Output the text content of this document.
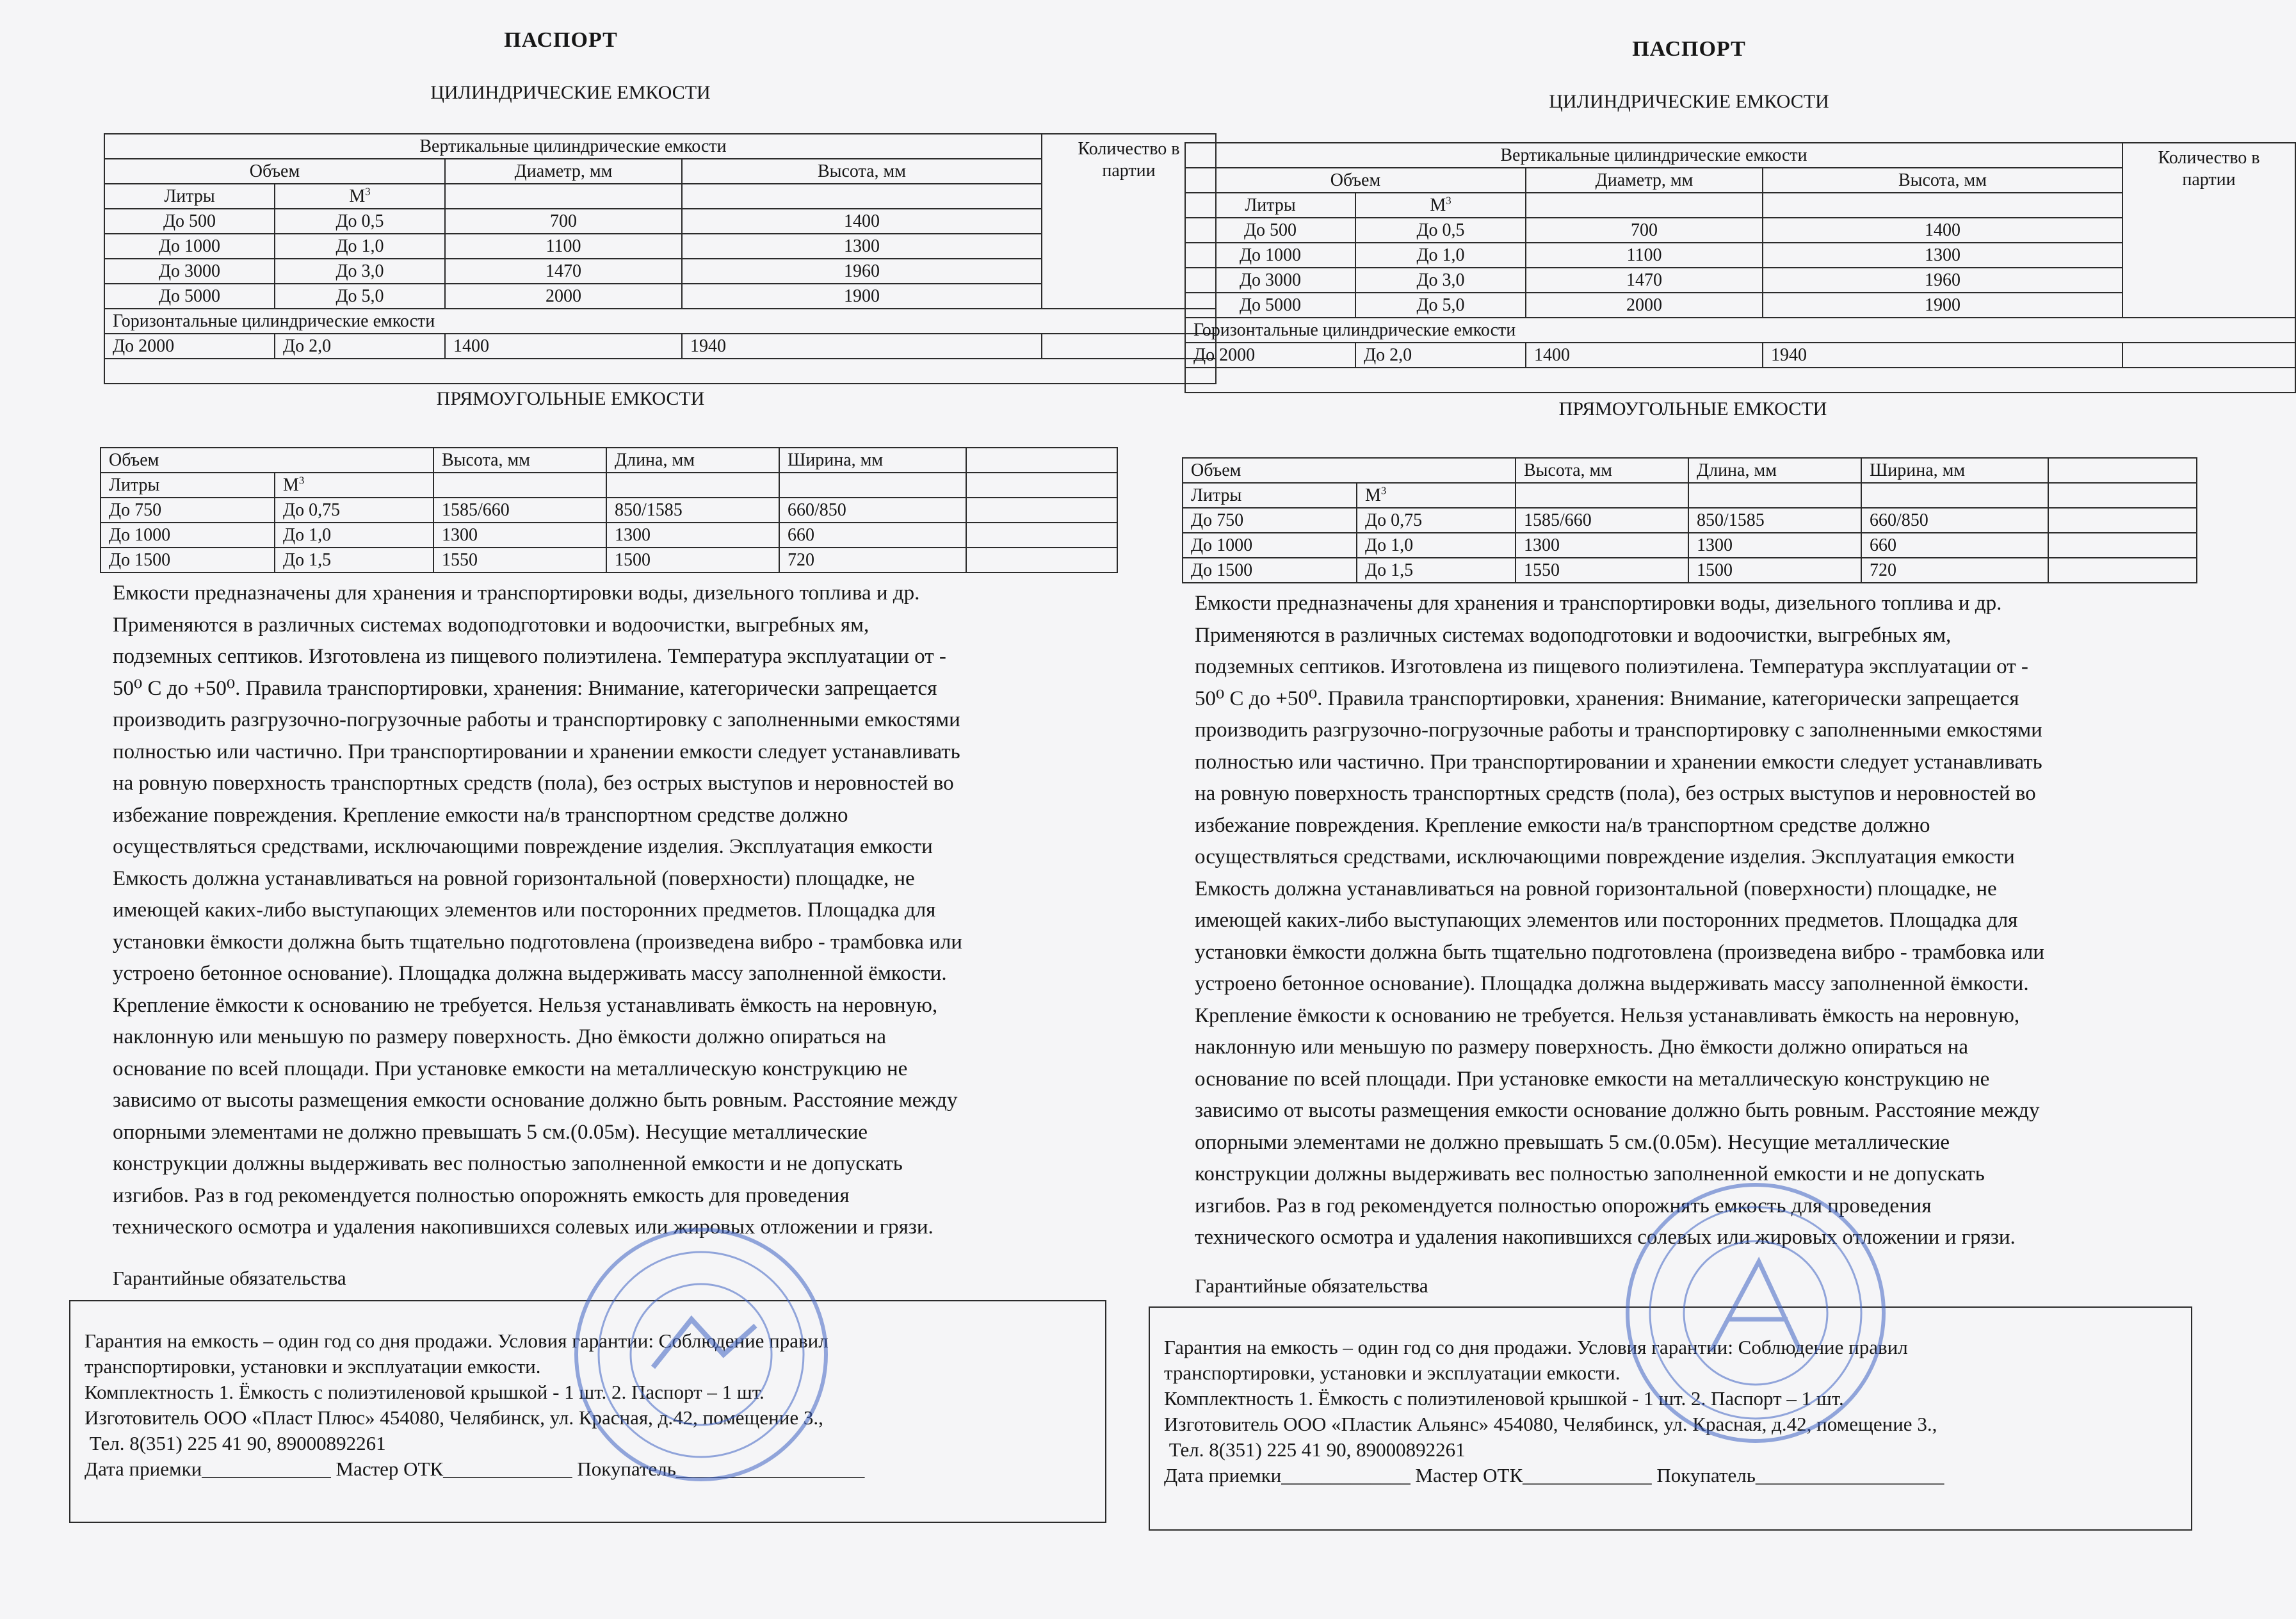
ПАСПОРТ
ЦИЛИНДРИЧЕСКИЕ ЕМКОСТИ
Вертикальные цилиндрические емкости				Количество в партии
Объем		Диаметр, мм	Высота, мм	
Литры	$М^3$		
До 500	До 0,5	700	1400	
До 1000	До 1,0	1100	1300	
До 3000	До 3,0	1470	1960	
До 5000	До 5,0	2000	1900	
Горизонтальные цилиндрические емкости				
До 2000	До 2,0	1400	1940	

ПРЯМОУГОЛЬНЫЕ ЕМКОСТИ
Объем		Высота, мм	Длина, мм	Ширина, мм	
Литры	$М^3$				
До 750	До 0,75	1585/660	850/1585	660/850	
До 1000	До 1,0	1300	1300	660	
До 1500	До 1,5	1550	1500	720	

Емкости предназначены для хранения и транспортировки воды, дизельного топлива и др.

Применяются в различных системах водоподготовки и водоочистки, выгребных ям,

подземных септиков. Изготовлена из пищевого полиэтилена. Температура эксплуатации от -

50⁰ С до +50⁰. Правила транспортировки, хранения: Внимание, категорически запрещается

производить разгрузочно-погрузочные работы и транспортировку с заполненными емкостями

полностью или частично. При транспортировании и хранении емкости следует устанавливать

на ровную поверхность транспортных средств (пола), без острых выступов и неровностей во

избежание повреждения. Крепление емкости на/в транспортном средстве должно

осуществляться средствами, исключающими повреждение изделия. Эксплуатация емкости

Емкость должна устанавливаться на ровной горизонтальной (поверхности) площадке, не

имеющей каких-либо выступающих элементов или посторонних предметов. Площадка для

установки ёмкости должна быть тщательно подготовлена (произведена вибро - трамбовка или

устроено бетонное основание). Площадка должна выдерживать массу заполненной ёмкости.

Крепление ёмкости к основанию не требуется. Нельзя устанавливать ёмкость на неровную,

наклонную или меньшую по размеру поверхность. Дно ёмкости должно опираться на

основание по всей площади. При установке емкости на металлическую конструкцию не

зависимо от высоты размещения емкости основание должно быть ровным. Расстояние между

опорными элементами не должно превышать 5 см.(0.05м). Несущие металлические

конструкции должны выдерживать вес полностью заполненной емкости и не допускать

изгибов. Раз в год рекомендуется полностью опорожнять емкость для проведения

технического осмотра и удаления накопившихся солевых или жировых отложении и грязи.

Гарантийные обязательства
Гарантия на емкость – один год со дня продажи. Условия гарантии: Соблюдение правил
транспортировки, установки и эксплуатации емкости.
Комплектность 1. Ёмкость с полиэтиленовой крышкой - 1 шт. 2. Паспорт – 1 шт.
Изготовитель ООО «Пласт Плюс» 454080, Челябинск, ул. Красная, д.42, помещение 3.,
Тел. 8(351) 225 41 90, 89000892261
Дата приемки_____________ Мастер ОТК_____________ Покупатель___________________
ПАСПОРТ
ЦИЛИНДРИЧЕСКИЕ ЕМКОСТИ
Вертикальные цилиндрические емкости				Количество в партии
Объем		Диаметр, мм	Высота, мм	
Литры	$М^3$		
До 500	До 0,5	700	1400	
До 1000	До 1,0	1100	1300	
До 3000	До 3,0	1470	1960	
До 5000	До 5,0	2000	1900	
Горизонтальные цилиндрические емкости				
До 2000	До 2,0	1400	1940	

ПРЯМОУГОЛЬНЫЕ ЕМКОСТИ
Объем		Высота, мм	Длина, мм	Ширина, мм	
Литры	$М^3$				
До 750	До 0,75	1585/660	850/1585	660/850	
До 1000	До 1,0	1300	1300	660	
До 1500	До 1,5	1550	1500	720	

Емкости предназначены для хранения и транспортировки воды, дизельного топлива и др.

Применяются в различных системах водоподготовки и водоочистки, выгребных ям,

подземных септиков. Изготовлена из пищевого полиэтилена. Температура эксплуатации от -

50⁰ С до +50⁰. Правила транспортировки, хранения: Внимание, категорически запрещается

производить разгрузочно-погрузочные работы и транспортировку с заполненными емкостями

полностью или частично. При транспортировании и хранении емкости следует устанавливать

на ровную поверхность транспортных средств (пола), без острых выступов и неровностей во

избежание повреждения. Крепление емкости на/в транспортном средстве должно

осуществляться средствами, исключающими повреждение изделия. Эксплуатация емкости

Емкость должна устанавливаться на ровной горизонтальной (поверхности) площадке, не

имеющей каких-либо выступающих элементов или посторонних предметов. Площадка для

установки ёмкости должна быть тщательно подготовлена (произведена вибро - трамбовка или

устроено бетонное основание). Площадка должна выдерживать массу заполненной ёмкости.

Крепление ёмкости к основанию не требуется. Нельзя устанавливать ёмкость на неровную,

наклонную или меньшую по размеру поверхность. Дно ёмкости должно опираться на

основание по всей площади. При установке емкости на металлическую конструкцию не

зависимо от высоты размещения емкости основание должно быть ровным. Расстояние между

опорными элементами не должно превышать 5 см.(0.05м). Несущие металлические

конструкции должны выдерживать вес полностью заполненной емкости и не допускать

изгибов. Раз в год рекомендуется полностью опорожнять емкость для проведения

технического осмотра и удаления накопившихся солевых или жировых отложении и грязи.

Гарантийные обязательства
Гарантия на емкость – один год со дня продажи. Условия гарантии: Соблюдение правил
транспортировки, установки и эксплуатации емкости.
Комплектность 1. Ёмкость с полиэтиленовой крышкой - 1 шт. 2. Паспорт – 1 шт.
Изготовитель ООО «Пластик Альянс» 454080, Челябинск, ул. Красная, д.42, помещение 3.,
Тел. 8(351) 225 41 90, 89000892261
Дата приемки_____________ Мастер ОТК_____________ Покупатель___________________
